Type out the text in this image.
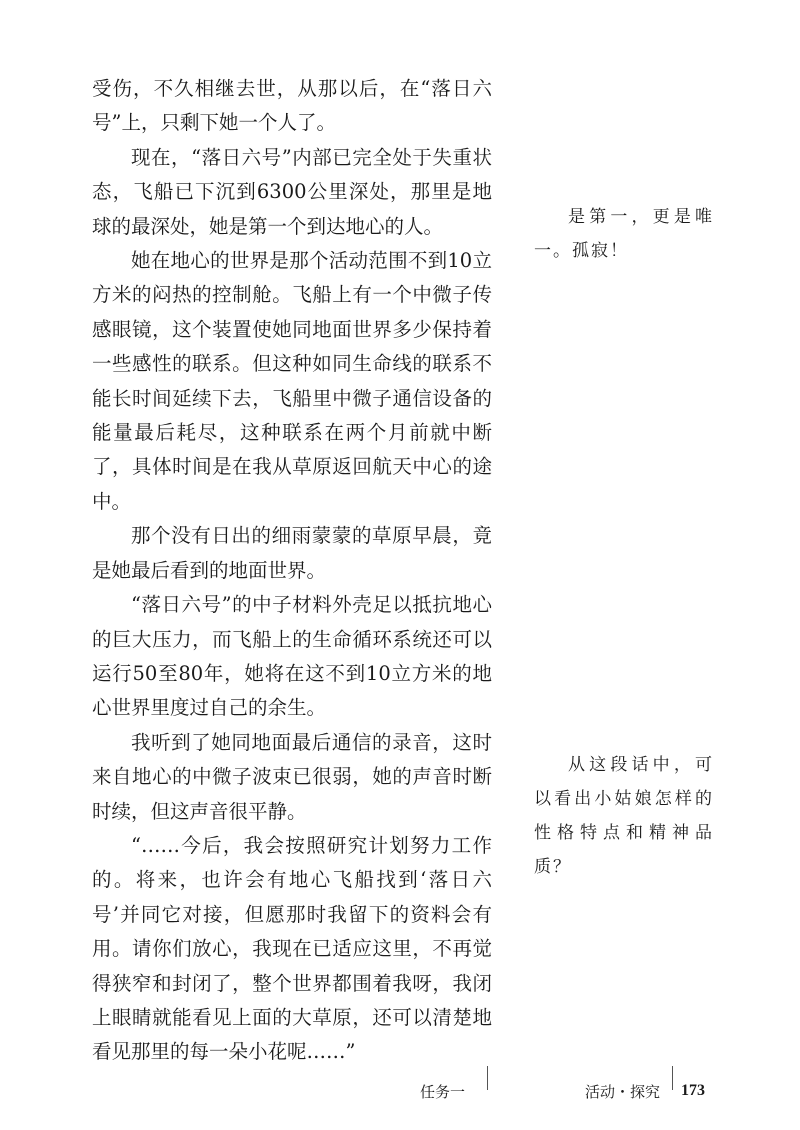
受伤，不久相继去世，从那以后，在“落日六号”上，只剩下她一个人了。

现在，“落日六号”内部已完全处于失重状态，飞船已下沉到6300公里深处，那里是地球的最深处，她是第一个到达地心的人。

她在地心的世界是那个活动范围不到10立方米的闷热的控制舱。飞船上有一个中微子传感眼镜，这个装置使她同地面世界多少保持着一些感性的联系。但这种如同生命线的联系不能长时间延续下去，飞船里中微子通信设备的能量最后耗尽，这种联系在两个月前就中断了，具体时间是在我从草原返回航天中心的途中。

那个没有日出的细雨蒙蒙的草原早晨，竟是她最后看到的地面世界。

“落日六号”的中子材料外壳足以抵抗地心的巨大压力，而飞船上的生命循环系统还可以运行50至80年，她将在这不到10立方米的地心世界里度过自己的余生。

我听到了她同地面最后通信的录音，这时来自地心的中微子波束已很弱，她的声音时断时续，但这声音很平静。

“……今后，我会按照研究计划努力工作的。将来，也许会有地心飞船找到‘落日六号’并同它对接，但愿那时我留下的资料会有用。请你们放心，我现在已适应这里，不再觉得狭窄和封闭了，整个世界都围着我呀，我闭上眼睛就能看见上面的大草原，还可以清楚地看见那里的每一朵小花呢……”

是第一，更是唯一。孤寂！
从这段话中，可以看出小姑娘怎样的性格特点和精神品质？
任务一	活动・探究 173
